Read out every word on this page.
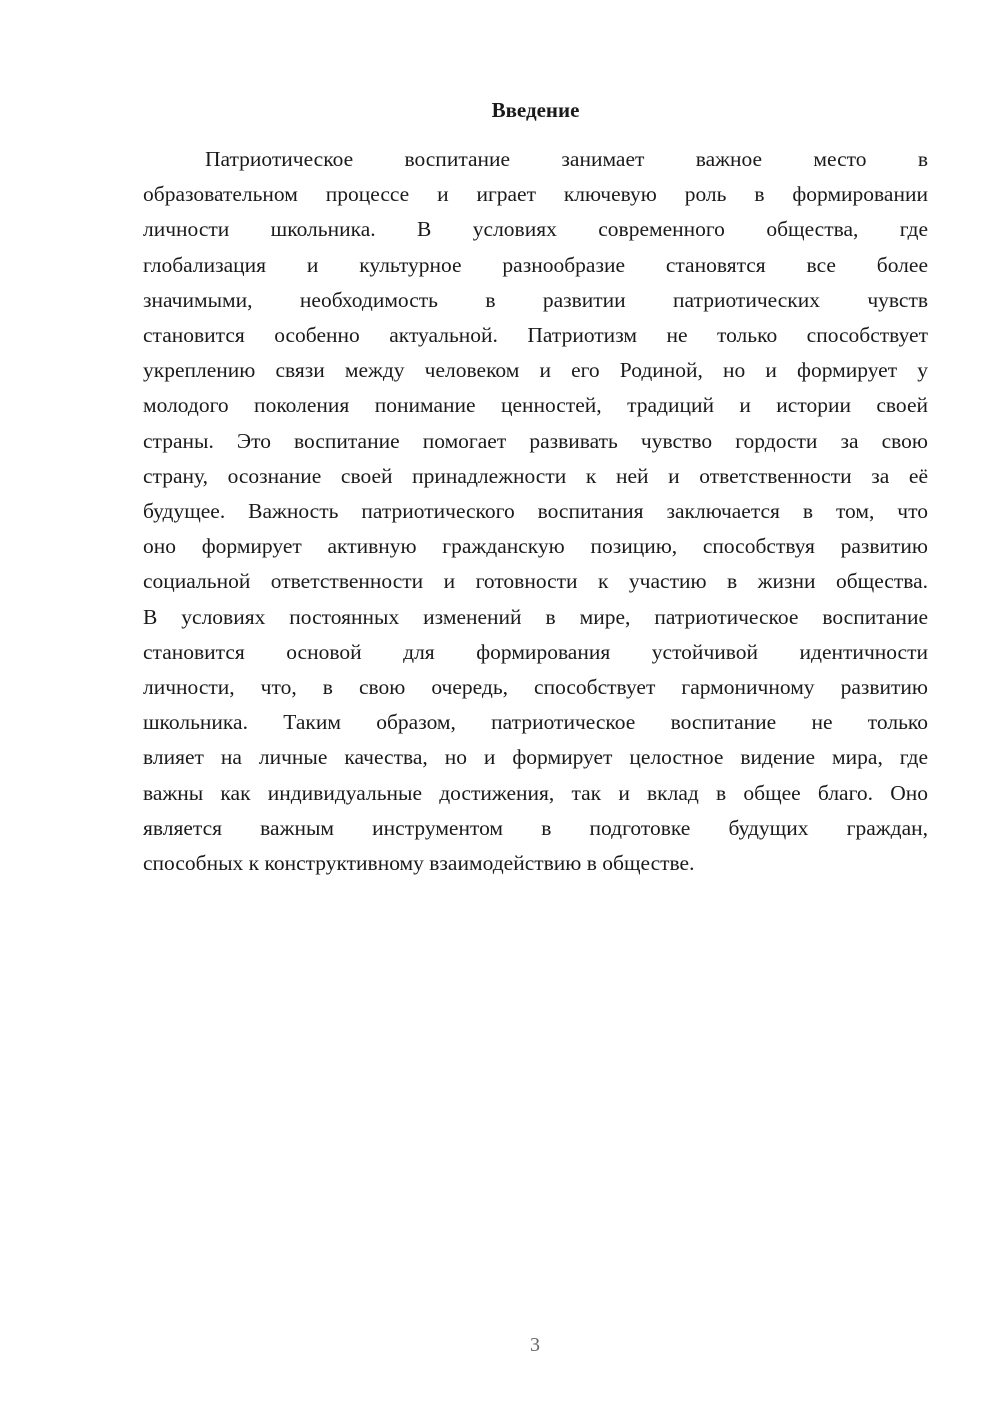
Введение
Патриотическое воспитание занимает важное место в
образовательном процессе и играет ключевую роль в формировании
личности школьника. В условиях современного общества, где
глобализация и культурное разнообразие становятся все более
значимыми, необходимость в развитии патриотических чувств
становится особенно актуальной. Патриотизм не только способствует
укреплению связи между человеком и его Родиной, но и формирует у
молодого поколения понимание ценностей, традиций и истории своей
страны. Это воспитание помогает развивать чувство гордости за свою
страну, осознание своей принадлежности к ней и ответственности за её
будущее. Важность патриотического воспитания заключается в том, что
оно формирует активную гражданскую позицию, способствуя развитию
социальной ответственности и готовности к участию в жизни общества.
В условиях постоянных изменений в мире, патриотическое воспитание
становится основой для формирования устойчивой идентичности
личности, что, в свою очередь, способствует гармоничному развитию
школьника. Таким образом, патриотическое воспитание не только
влияет на личные качества, но и формирует целостное видение мира, где
важны как индивидуальные достижения, так и вклад в общее благо. Оно
является важным инструментом в подготовке будущих граждан,
способных к конструктивному взаимодействию в обществе.
3
